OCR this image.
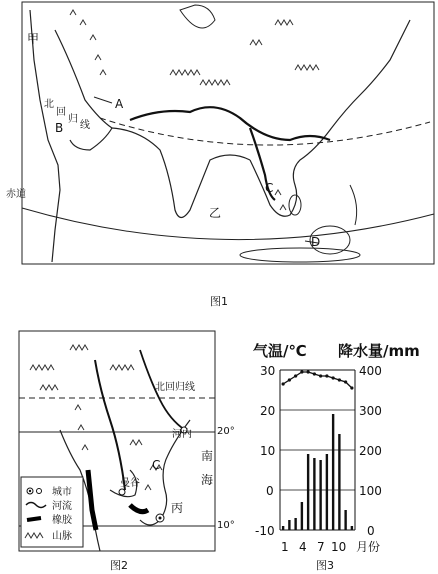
甲
A
B
C
D
乙
北
回
归
线
赤道
图1
城市
河流
橡胶
山脉
北回归线
河内
曼谷
C
丙
南
海
20°
10°
图2
气温/℃ 降水量/mm
30
20
10
0
-10
400
300
200
100
0
1 4 7 10 月份
图3
